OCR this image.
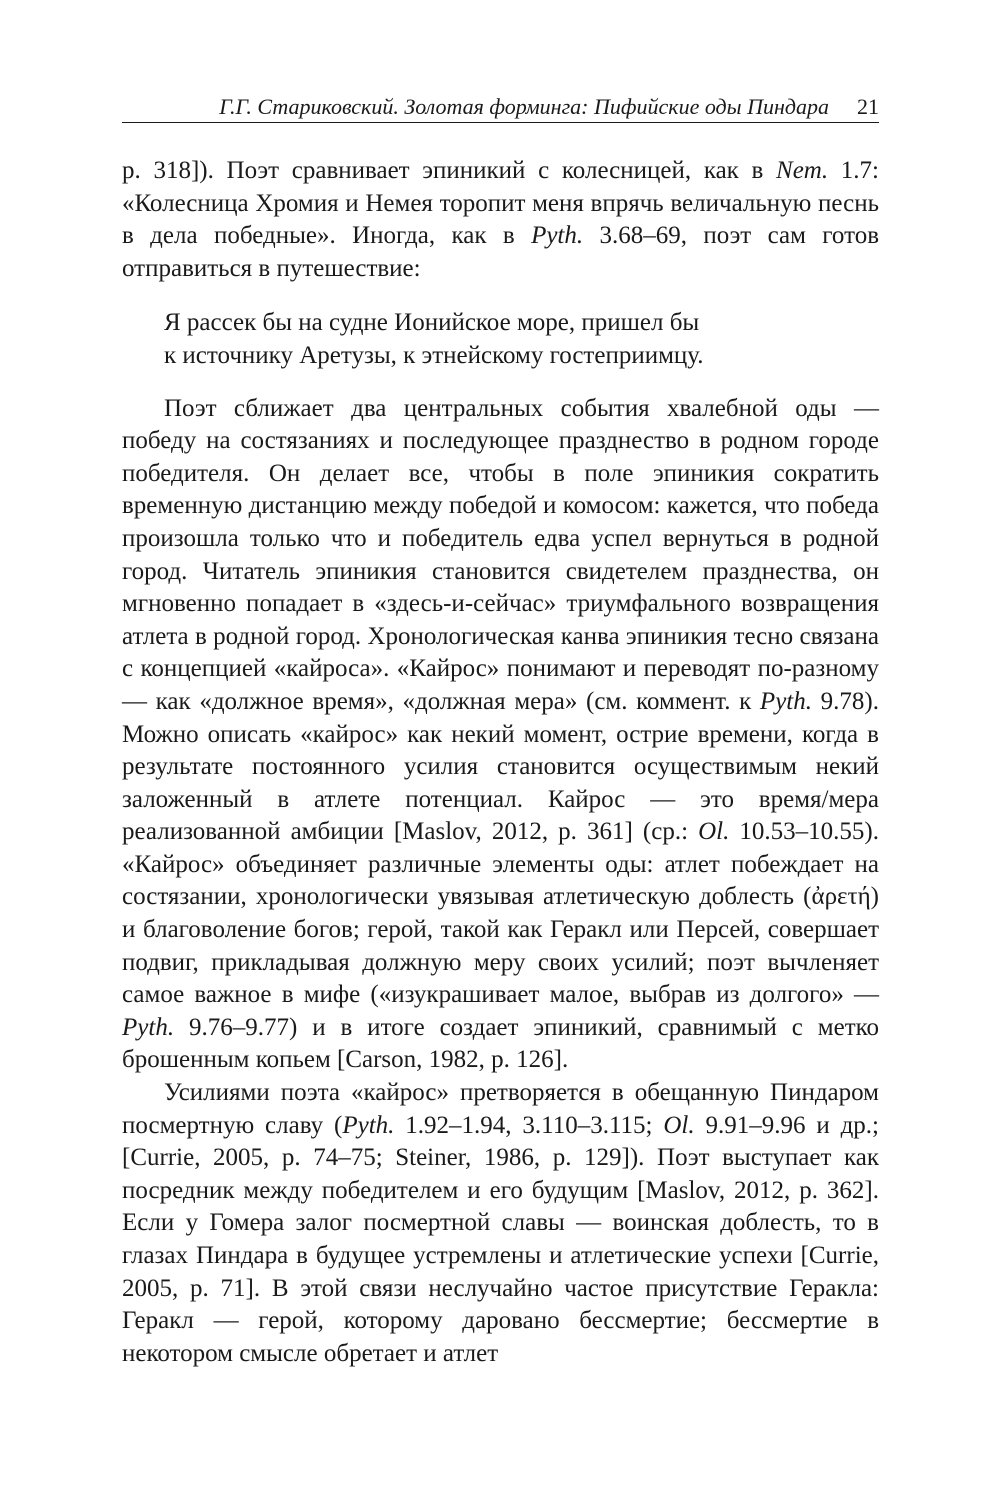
Г.Г. Стариковский. Золотая форминга: Пифийские оды Пиндара 21

р. 318]). Поэт сравнивает эпиникий с колесницей, как в Nem. 1.7: «Колесница Хромия и Немея торопит меня впрячь величальную песнь в дела победные». Иногда, как в Pyth. 3.68–69, поэт сам готов отправиться в путешествие:

Я рассек бы на судне Ионийское море, пришел бы
к источнику Аретузы, к этнейскому гостеприимцу.

Поэт сближает два центральных события хвалебной оды — победу на состязаниях и последующее празднество в родном городе победителя. Он делает все, чтобы в поле эпиникия сократить временную дистанцию между победой и комосом: кажется, что победа произошла только что и победитель едва успел вернуться в родной город. Читатель эпиникия становится свидетелем празднества, он мгновенно попадает в «здесь-и-сейчас» триумфального возвращения атлета в родной город. Хронологическая канва эпиникия тесно связана с концепцией «кайроса». «Кайрос» понимают и переводят по-разному — как «должное время», «должная мера» (см. коммент. к Pyth. 9.78). Можно описать «кайрос» как некий момент, острие времени, когда в результате постоянного усилия становится осуществимым некий заложенный в атлете потенциал. Кайрос — это время/мера реализованной амбиции [Maslov, 2012, p. 361] (ср.: Ol. 10.53–10.55). «Кайрос» объединяет различные элементы оды: атлет побеждает на состязании, хронологически увязывая атлетическую доблесть (ἀρετή) и благоволение богов; герой, такой как Геракл или Персей, совершает подвиг, прикладывая должную меру своих усилий; поэт вычленяет самое важное в мифе («изукрашивает малое, выбрав из долгого» — Pyth. 9.76–9.77) и в итоге создает эпиникий, сравнимый с метко брошенным копьем [Carson, 1982, p. 126].

Усилиями поэта «кайрос» претворяется в обещанную Пиндаром посмертную славу (Pyth. 1.92–1.94, 3.110–3.115; Ol. 9.91–9.96 и др.; [Currie, 2005, p. 74–75; Steiner, 1986, p. 129]). Поэт выступает как посредник между победителем и его будущим [Maslov, 2012, p. 362]. Если у Гомера залог посмертной славы — воинская доблесть, то в глазах Пиндара в будущее устремлены и атлетические успехи [Currie, 2005, p. 71]. В этой связи неслучайно частое присутствие Геракла: Геракл — герой, которому даровано бессмертие; бессмертие в некотором смысле обретает и атлет
